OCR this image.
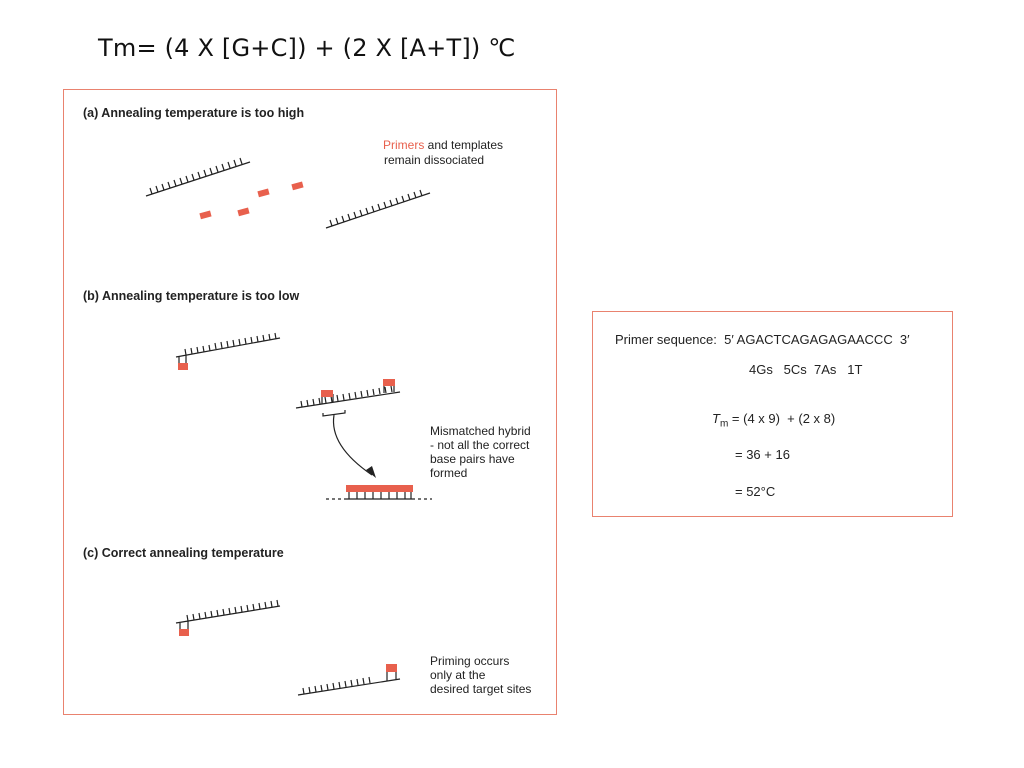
Tm= (4 X [G+C]) + (2 X [A+T]) ℃
(a) Annealing temperature is too high
Primers and templates
remain dissociated
(b) Annealing temperature is too low
Mismatched hybrid
- not all the correct
base pairs have
formed
(c) Correct annealing temperature
Priming occurs
only at the
desired target sites
Primer sequence: 5′ AGACTCAGAGAGAACCC  3′
4Gs   5Cs  7As   1T
$T_m = (4$ x 9)  + (2 x 8)
= 36 + 16
= 52°C
